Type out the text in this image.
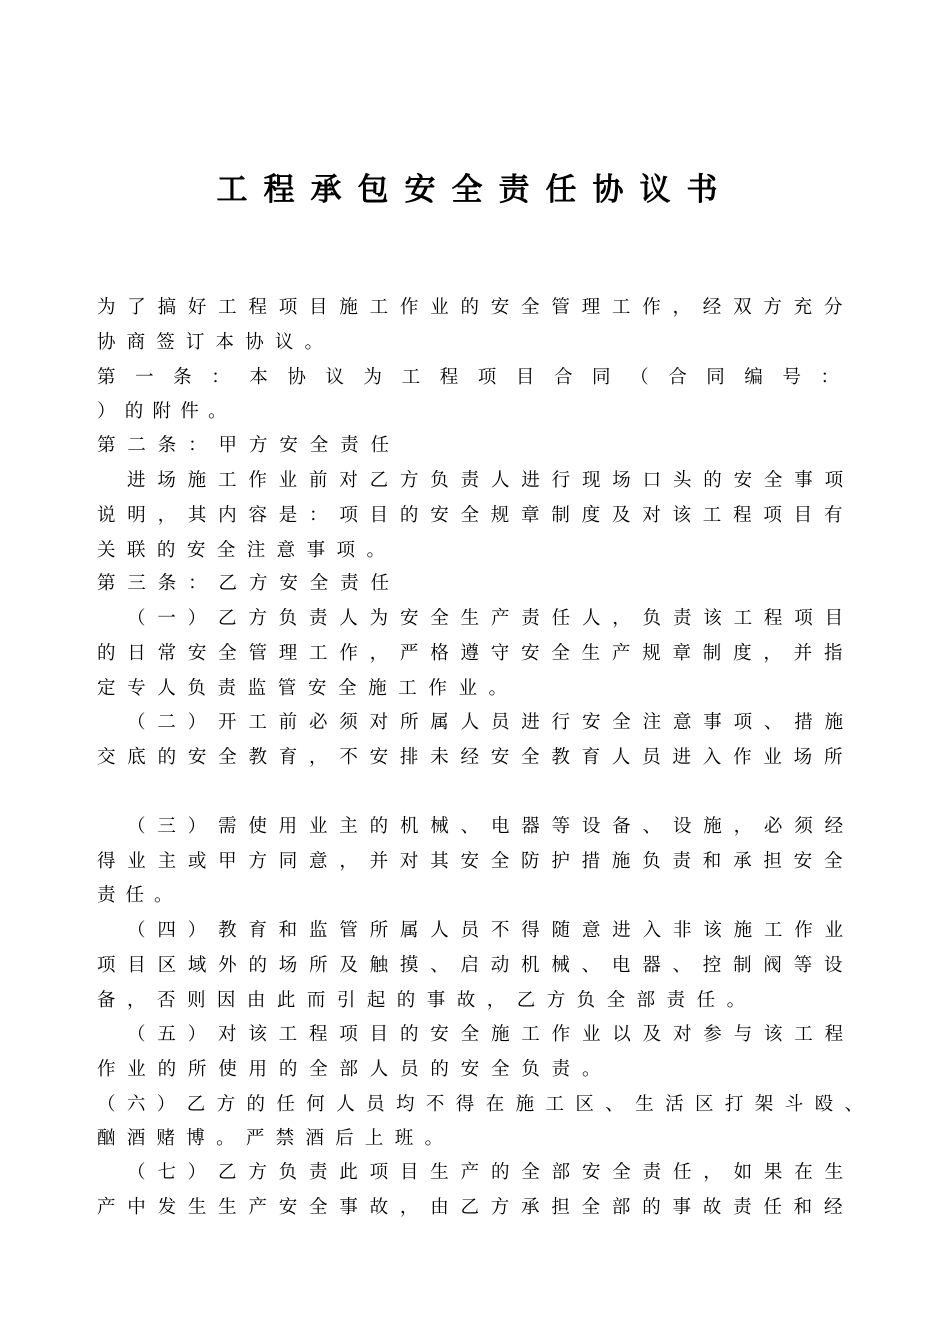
工程承包安全责任协议书
为了搞好工程项目施工作业的安全管理工作，经双方充分
协商签订本协议。
第一条：本协议为工程项目合同（合同编号：
）的附件。
第二条：甲方安全责任
进场施工作业前对乙方负责人进行现场口头的安全事项
说明，其内容是：项目的安全规章制度及对该工程项目有
关联的安全注意事项。
第三条：乙方安全责任
（一）乙方负责人为安全生产责任人，负责该工程项目
的日常安全管理工作，严格遵守安全生产规章制度，并指
定专人负责监管安全施工作业。
（二）开工前必须对所属人员进行安全注意事项、措施
交底的安全教育，不安排未经安全教育人员进入作业场所
（三）需使用业主的机械、电器等设备、设施，必须经
得业主或甲方同意，并对其安全防护措施负责和承担安全
责任。
（四）教育和监管所属人员不得随意进入非该施工作业
项目区域外的场所及触摸、启动机械、电器、控制阀等设
备，否则因由此而引起的事故，乙方负全部责任。
（五）对该工程项目的安全施工作业以及对参与该工程
作业的所使用的全部人员的安全负责。
（六）乙方的任何人员均不得在施工区、生活区打架斗殴、
酗酒赌博。严禁酒后上班。
（七）乙方负责此项目生产的全部安全责任，如果在生
产中发生生产安全事故，由乙方承担全部的事故责任和经
